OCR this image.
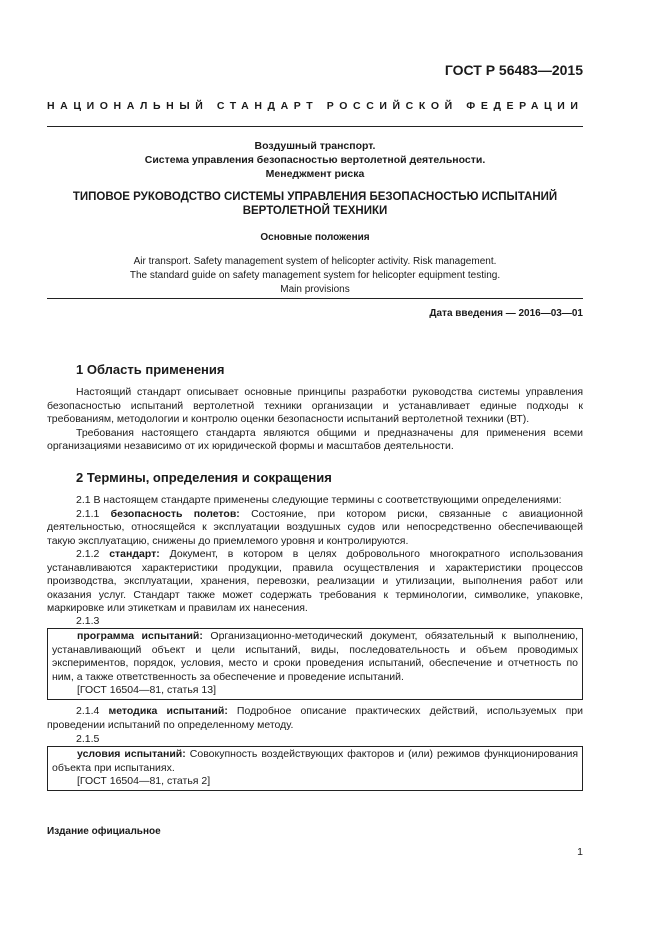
ГОСТ Р 56483—2015
НАЦИОНАЛЬНЫЙ СТАНДАРТ РОССИЙСКОЙ ФЕДЕРАЦИИ
Воздушный транспорт.
Система управления безопасностью вертолетной деятельности.
Менеджмент риска
ТИПОВОЕ РУКОВОДСТВО СИСТЕМЫ УПРАВЛЕНИЯ БЕЗОПАСНОСТЬЮ ИСПЫТАНИЙ
ВЕРТОЛЕТНОЙ ТЕХНИКИ
Основные положения
Air transport. Safety management system of helicopter activity. Risk management.
The standard guide on safety management system for helicopter equipment testing.
Main provisions
Дата введения — 2016—03—01
1 Область применения

Настоящий стандарт описывает основные принципы разработки руководства системы управления безопасностью испытаний вертолетной техники организации и устанавливает единые подходы к требованиям, методологии и контролю оценки безопасности испытаний вертолетной техники (ВТ).

Требования настоящего стандарта являются общими и предназначены для применения всеми организациями независимо от их юридической формы и масштабов деятельности.

2 Термины, определения и сокращения

2.1 В настоящем стандарте применены следующие термины с соответствующими определениями:

2.1.1 безопасность полетов: Состояние, при котором риски, связанные с авиационной деятельностью, относящейся к эксплуатации воздушных судов или непосредственно обеспечивающей такую эксплуатацию, снижены до приемлемого уровня и контролируются.

2.1.2 стандарт: Документ, в котором в целях добровольного многократного использования устанавливаются характеристики продукции, правила осуществления и характеристики процессов производства, эксплуатации, хранения, перевозки, реализации и утилизации, выполнения работ или оказания услуг. Стандарт также может содержать требования к терминологии, символике, упаковке, маркировке или этикеткам и правилам их нанесения.

2.1.3

программа испытаний: Организационно-методический документ, обязательный к выполнению, устанавливающий объект и цели испытаний, виды, последовательность и объем проводимых экспериментов, порядок, условия, место и сроки проведения испытаний, обеспечение и отчетность по ним, а также ответственность за обеспечение и проведение испытаний.

[ГОСТ 16504—81, статья 13]

2.1.4 методика испытаний: Подробное описание практических действий, используемых при проведении испытаний по определенному методу.

2.1.5

условия испытаний: Совокупность воздействующих факторов и (или) режимов функционирования объекта при испытаниях.

[ГОСТ 16504—81, статья 2]

Издание официальное
1
